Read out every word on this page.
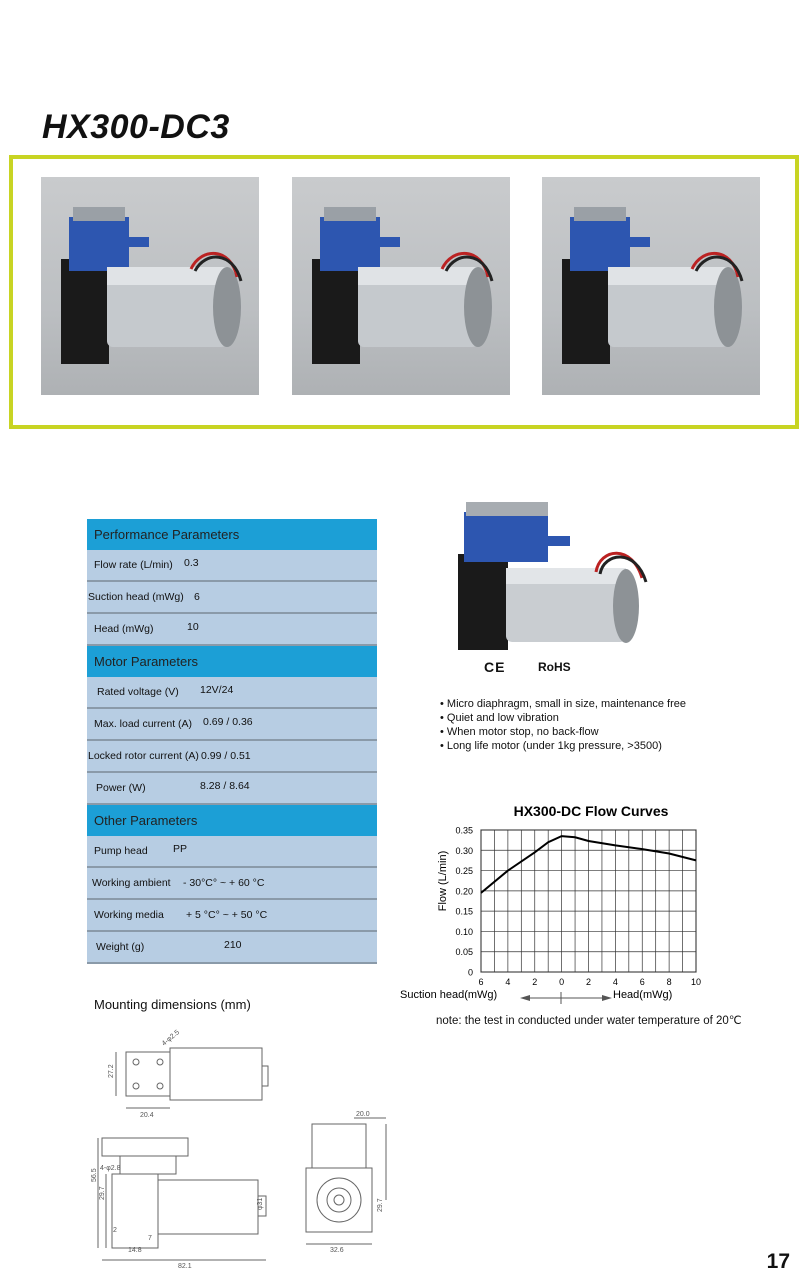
HX300-DC3
Performance Parameters
Flow rate (L/min) 0.3
Suction head (mWg) 6
Head (mWg)	10
Motor Parameters
Rated voltage (V) 12V/24
Max. load current (A) 0.69 / 0.36
Locked rotor current (A) 0.99 / 0.51
Power (W)	8.28 / 8.64
Other Parameters
Pump head PP
Working ambient - 30°C° ~ + 60 °C
Working media + 5 °C° ~ + 50 °C
Weight (g)	210
CE	RoHS
• Micro diaphragm, small in size, maintenance free
• Quiet and low vibration
• When motor stop, no back-flow
• Long life motor (under 1kg pressure, >3500)
HX300-DC Flow Curves
Flow (L/min)
0
0.05
0.10
0.15
0.20
0.25
0.30
0.35
6 4 2 0 2 4 6 8 10
Suction head(mWg)	Head(mWg)
note: the test in conducted under water temperature of 20℃
Mounting dimensions (mm)
27.2
20.4
4-φ2.5
56.5
29.7
4-φ2.8
2
7
14.8
82.1
φ31
20.0
29.7
32.6	17
